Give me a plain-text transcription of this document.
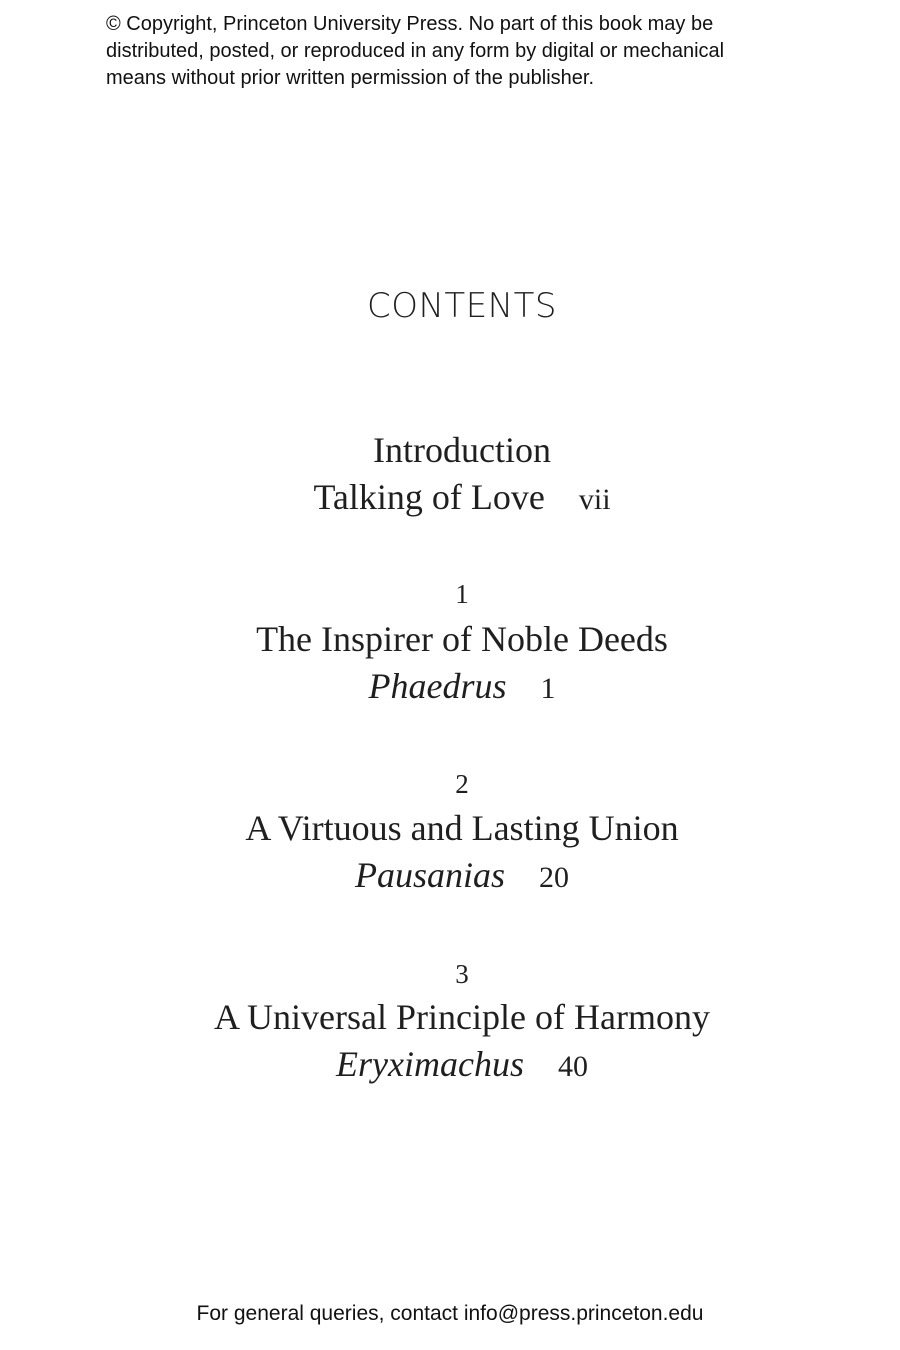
© Copyright, Princeton University Press. No part of this book may be
distributed, posted, or reproduced in any form by digital or mechanical
means without prior written permission of the publisher.
CONTENTS
Introduction
Talking of Love vii
1
The Inspirer of Noble Deeds
Phaedrus 1
2
A Virtuous and Lasting Union
Pausanias 20
3
A Universal Principle of Harmony
Eryximachus 40
For general queries, contact info@press.princeton.edu
